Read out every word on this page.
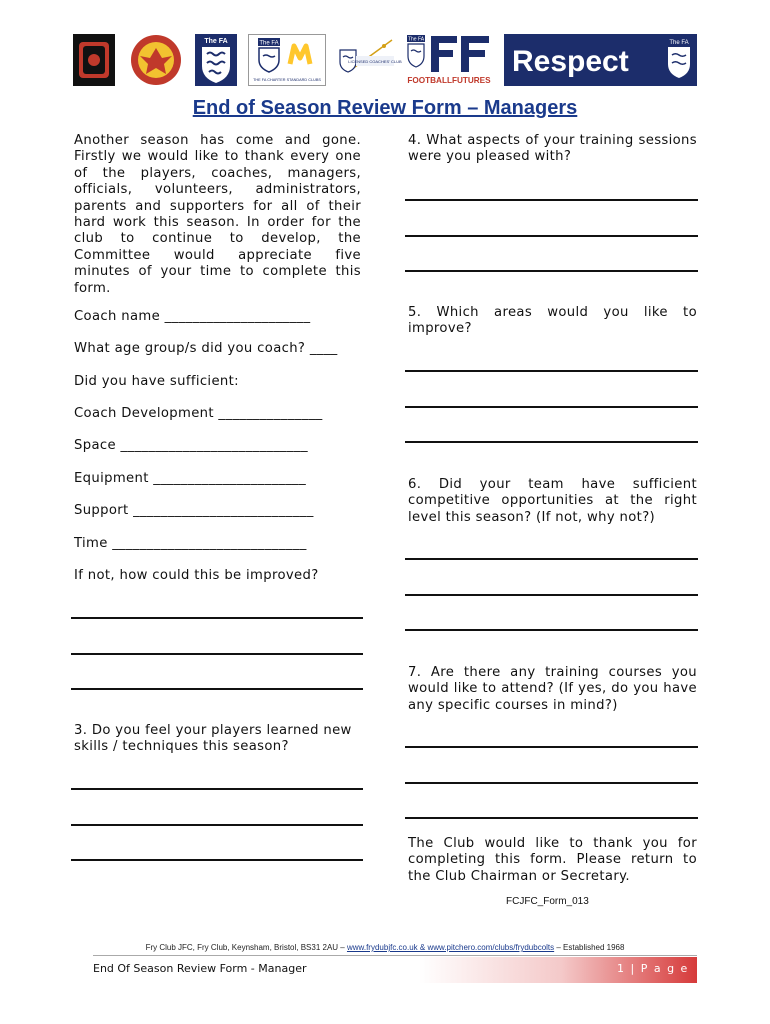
The FA	The FA
THE FA CHARTER STANDARD CLUBS
LICENSED COACHES' CLUB
The FA
FOOTBALLFUTURES
Respect
The FA
End of Season Review Form – Managers
Another season has come and gone. Firstly we would like to thank every one of the players, coaches, managers, officials, volunteers, administrators, parents and supporters for all of their hard work this season. In order for the club to continue to develop, the Committee would appreciate five minutes of your time to complete this form.
Coach name _____________________
What age group/s did you coach? ____
Did you have sufficient:
Coach Development _______________
Space ___________________________
Equipment ______________________
Support __________________________
Time ____________________________
If not, how could this be improved?
3. Do you feel your players learned new skills / techniques this season?
4. What aspects of your training sessions were you pleased with?
5. Which areas would you like to improve?
6. Did your team have sufficient competitive opportunities at the right level this season? (If not, why not?)
7. Are there any training courses you would like to attend? (If yes, do you have any specific courses in mind?)
The Club would like to thank you for completing this form. Please return to the Club Chairman or Secretary.
FCJFC_Form_013
Fry Club JFC, Fry Club, Keynsham, Bristol, BS31 2AU – www.frydubjfc.co.uk & www.pitchero.com/clubs/frydubcolts – Established 1968
End Of Season Review Form - Manager	1 | P a g e
